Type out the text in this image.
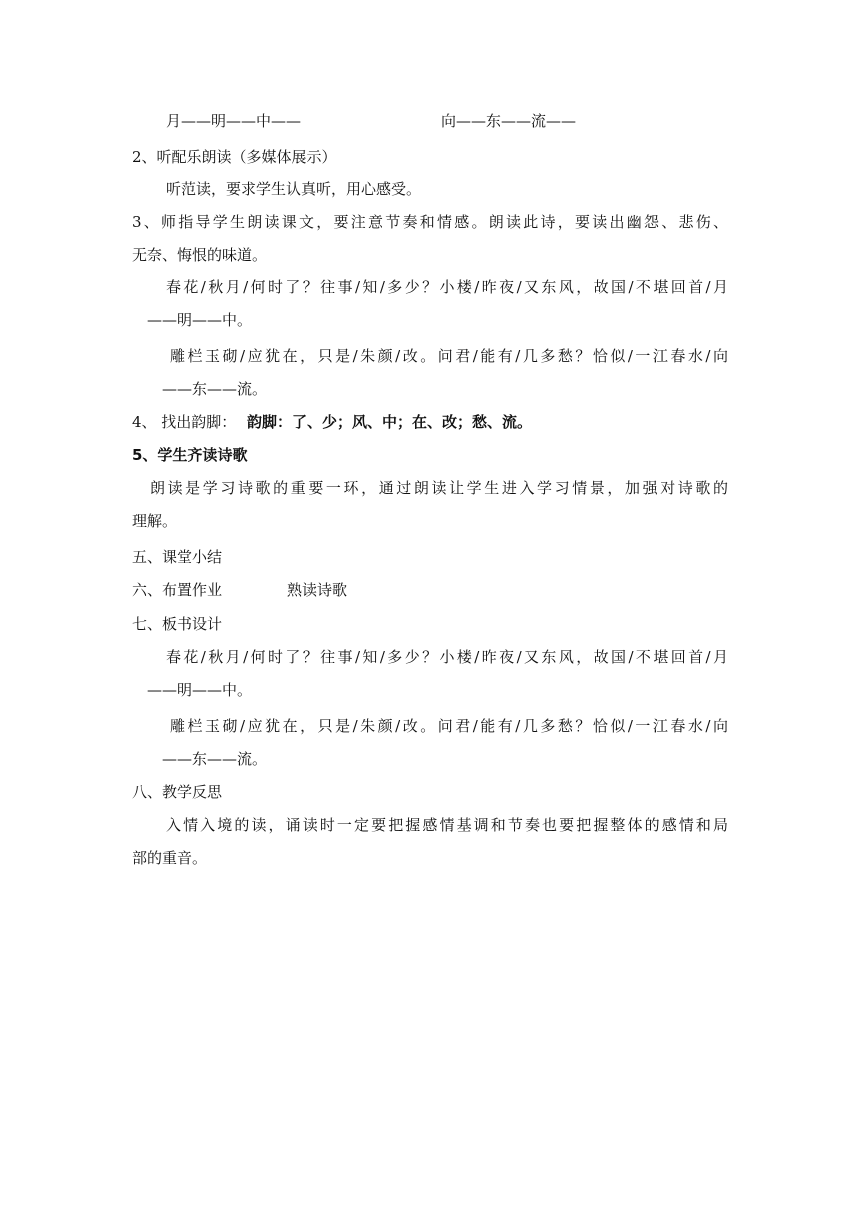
月——明——中——	向——东——流——
2、听配乐朗读（多媒体展示）
听范读，要求学生认真听，用心感受。
3、师指导学生朗读课文，要注意节奏和情感。朗读此诗，要读出幽怨、悲伤、
无奈、悔恨的味道。
春花/秋月/何时了？往事/知/多少？小楼/昨夜/又东风，故国/不堪回首/月
——明——中。
雕栏玉砌/应犹在，只是/朱颜/改。问君/能有/几多愁？恰似/一江春水/向
——东——流。
4、 找出韵脚： 韵脚：了、少；风、中；在、改；愁、流。
5、学生齐读诗歌
朗读是学习诗歌的重要一环，通过朗读让学生进入学习情景，加强对诗歌的
理解。
五、课堂小结
六、布置作业	熟读诗歌
七、板书设计
春花/秋月/何时了？往事/知/多少？小楼/昨夜/又东风，故国/不堪回首/月
——明——中。
雕栏玉砌/应犹在，只是/朱颜/改。问君/能有/几多愁？恰似/一江春水/向
——东——流。
八、教学反思
入情入境的读，诵读时一定要把握感情基调和节奏也要把握整体的感情和局
部的重音。
